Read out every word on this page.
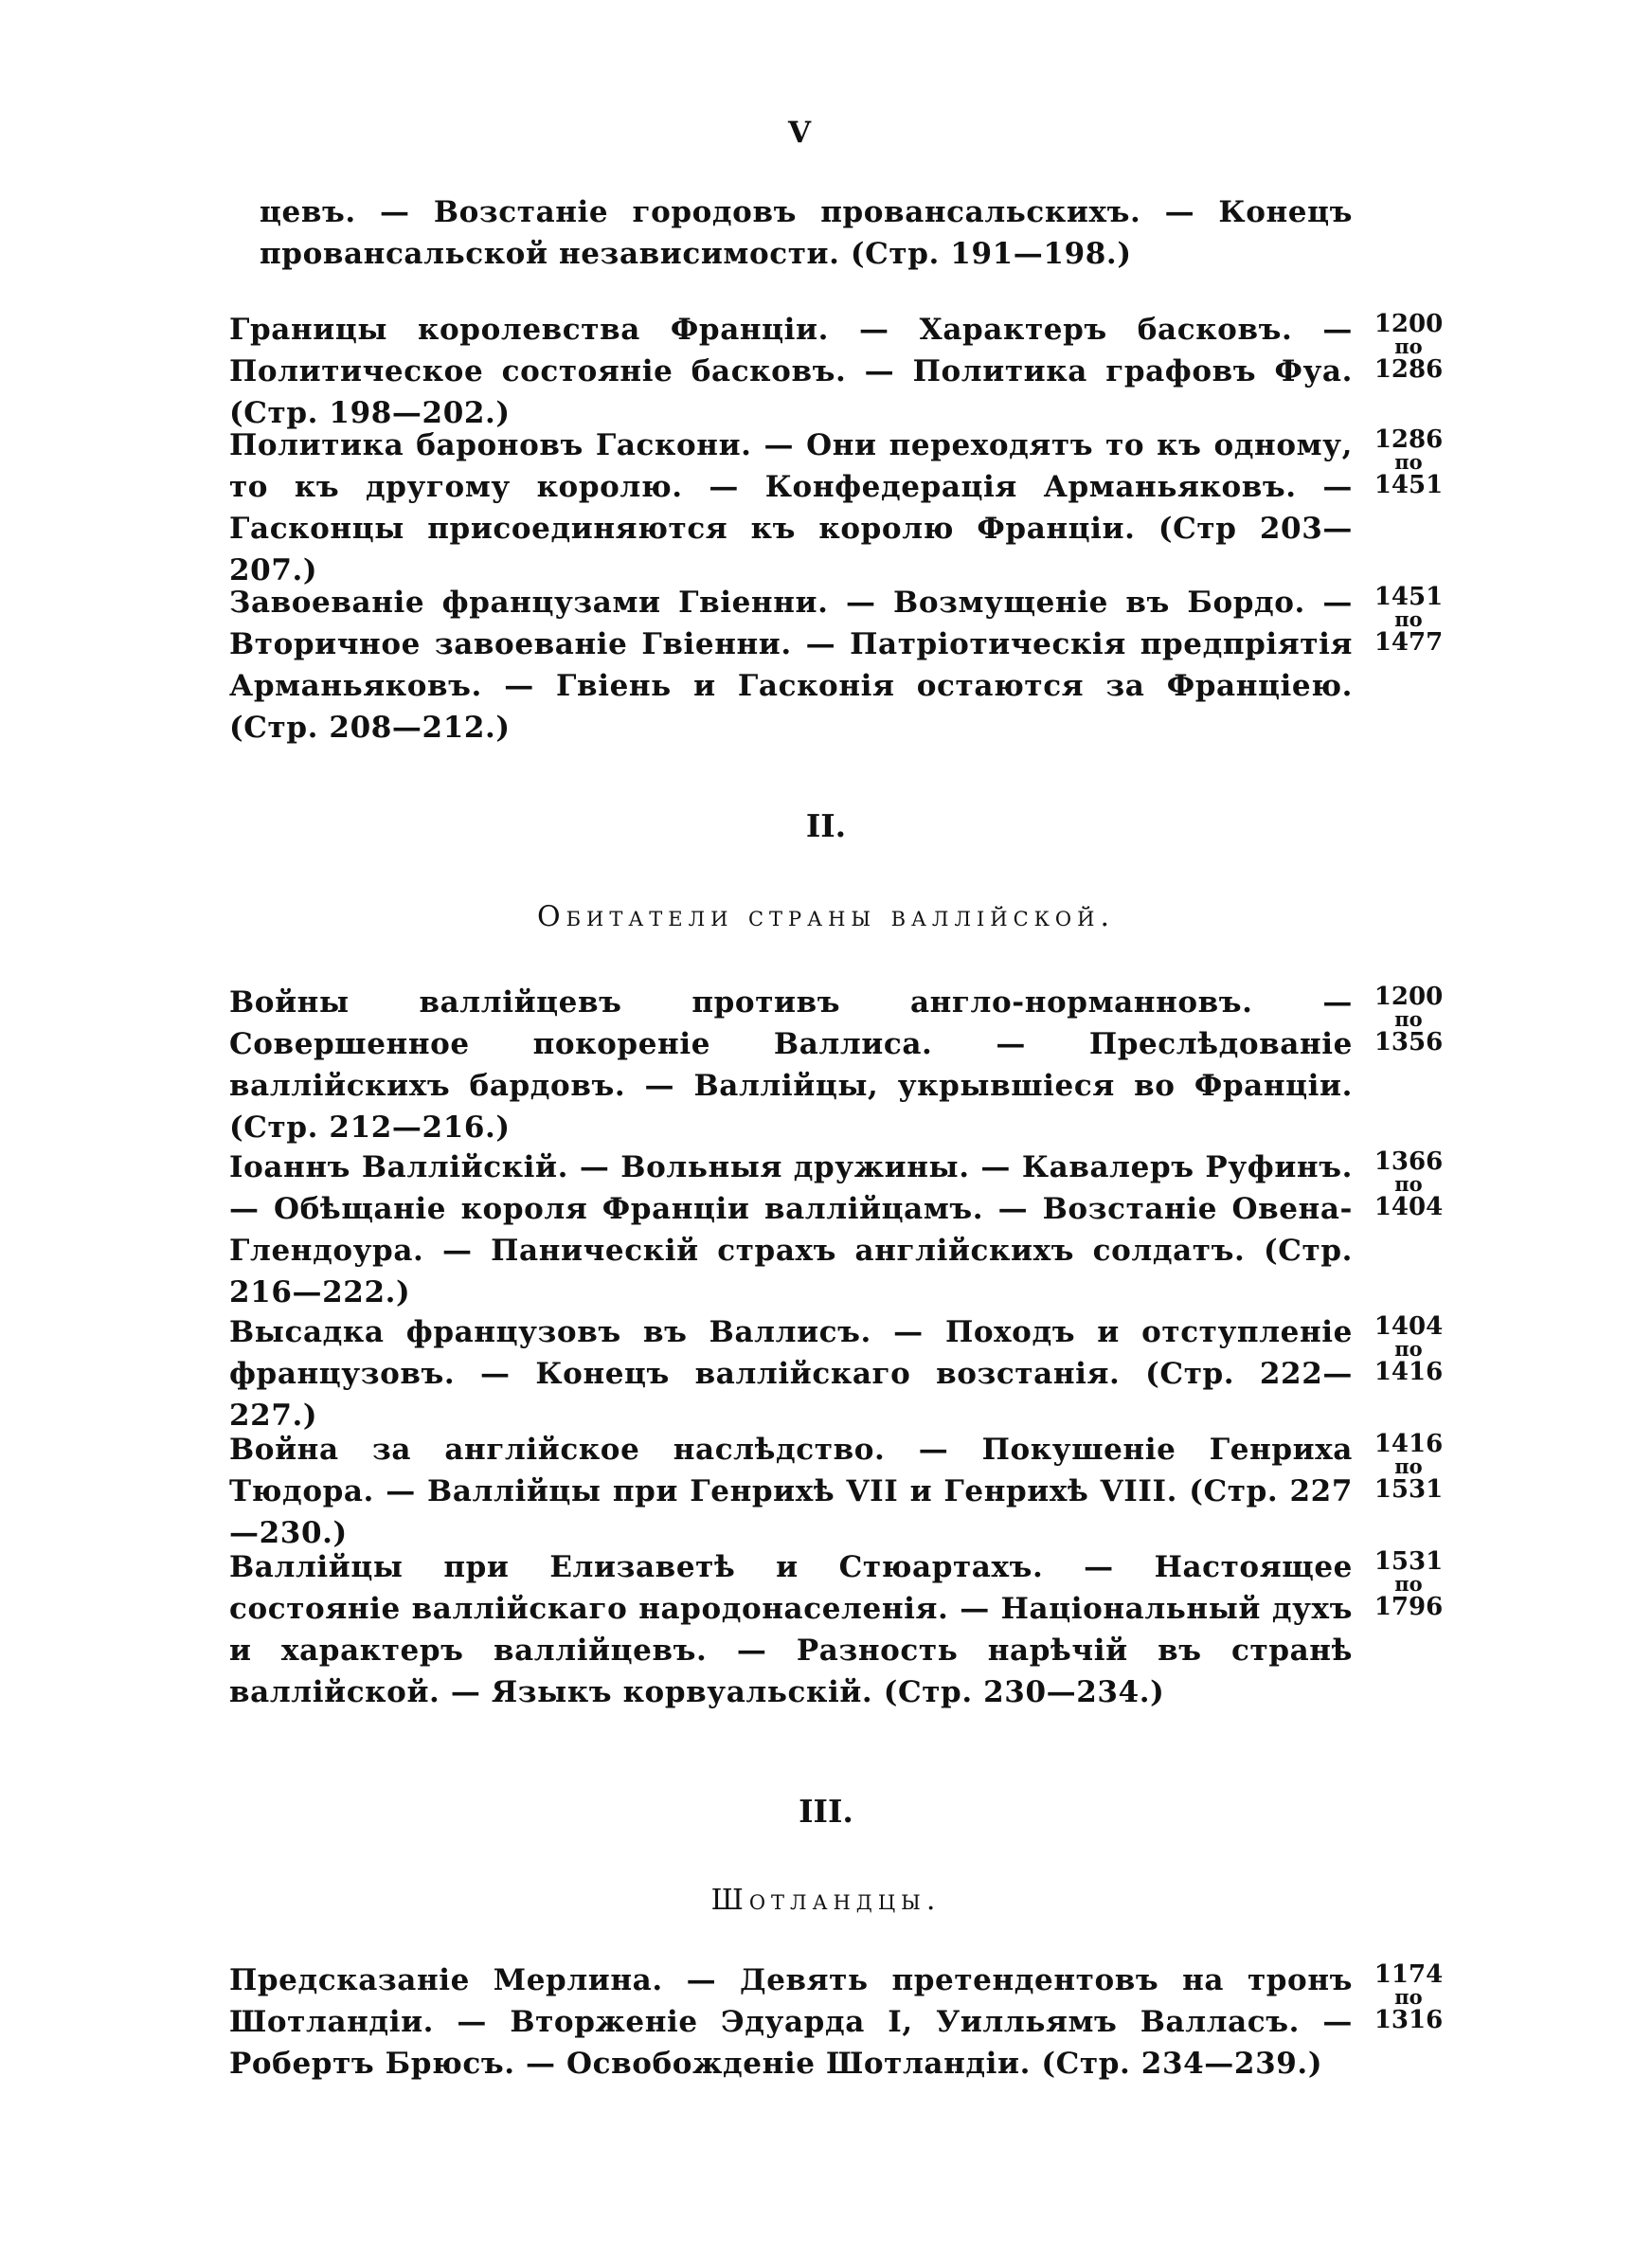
V
цевъ. — Возстаніе городовъ провансальскихъ. — Конецъ провансальской независимости. (Стр. 191—198.)
Границы королевства Франціи. — Характеръ басковъ. — Политическое состояніе басковъ. — Политика графовъ Фуа. (Стр. 198—202.)
1200
по
1286
Политика бароновъ Гаскони. — Они переходятъ то къ одному, то къ другому королю. — Конфедерація Арманьяковъ. — Гасконцы присоединяются къ королю Франціи. (Стр 203—207.)
1286
по
1451
Завоеваніе французами Гвіенни. — Возмущеніе въ Бордо. — Вторичное завоеваніе Гвіенни. — Патріотическія предпріятія Арманьяковъ. — Гвіень и Гасконія остаются за Франціею. (Стр. 208—212.)
1451
по
1477
II.
Обитатели страны валлійской.
Войны валлійцевъ противъ англо-норманновъ. — Совершенное покореніе Валлиса. — Преслѣдованіе валлійскихъ бардовъ. — Валлійцы, укрывшіеся во Франціи. (Стр. 212—216.)
1200
по
1356
Іоаннъ Валлійскій. — Вольныя дружины. — Кавалеръ Руфинъ. — Обѣщаніе короля Франціи валлійцамъ. — Возстаніе Овена-Глендоура. — Паническій страхъ англійскихъ солдатъ. (Стр. 216—222.)
1366
по
1404
Высадка французовъ въ Валлисъ. — Походъ и отступленіе французовъ. — Конецъ валлійскаго возстанія. (Стр. 222—227.)
1404
по
1416
Война за англійское наслѣдство. — Покушеніе Генриха Тюдора. — Валлійцы при Генрихѣ VII и Генрихѣ VIII. (Стр. 227—230.)
1416
по
1531
Валлійцы при Елизаветѣ и Стюартахъ. — Настоящее состояніе валлійскаго народонаселенія. — Національный духъ и характеръ валлійцевъ. — Разность нарѣчій въ странѣ валлійской. — Языкъ корвуальскій. (Стр. 230—234.)
1531
по
1796
III.
Шотландцы.
Предсказаніе Мерлина. — Девять претендентовъ на тронъ Шотландіи. — Вторженіе Эдуарда I, Уилльямъ Валласъ. — Робертъ Брюсъ. — Освобожденіе Шотландіи. (Стр. 234—239.)
1174
по
1316
